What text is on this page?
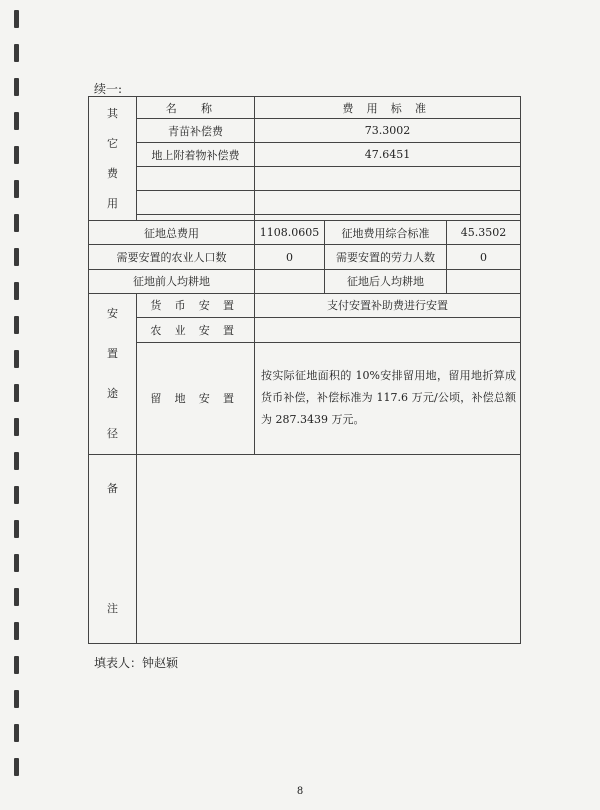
续一:
其
它
费
用	名称	费用标准		
	青苗补偿费	73.3002		
	地上附着物补偿费	47.6451		

征地总费用		1108.0605	征地费用综合标准	45.3502
需要安置的农业人口数		0	需要安置的劳力人数	0
征地前人均耕地			征地后人均耕地	
安
置
途
径	货币安置	支付安置补助费进行安置		
	农业安置			
	留地安置	按实际征地面积的 10%安排留用地，留用地折算成货币补偿，补偿标准为 117.6 万元/公顷，补偿总额为 287.3439 万元。		
备

注				
填表人：钟赵颖
8
